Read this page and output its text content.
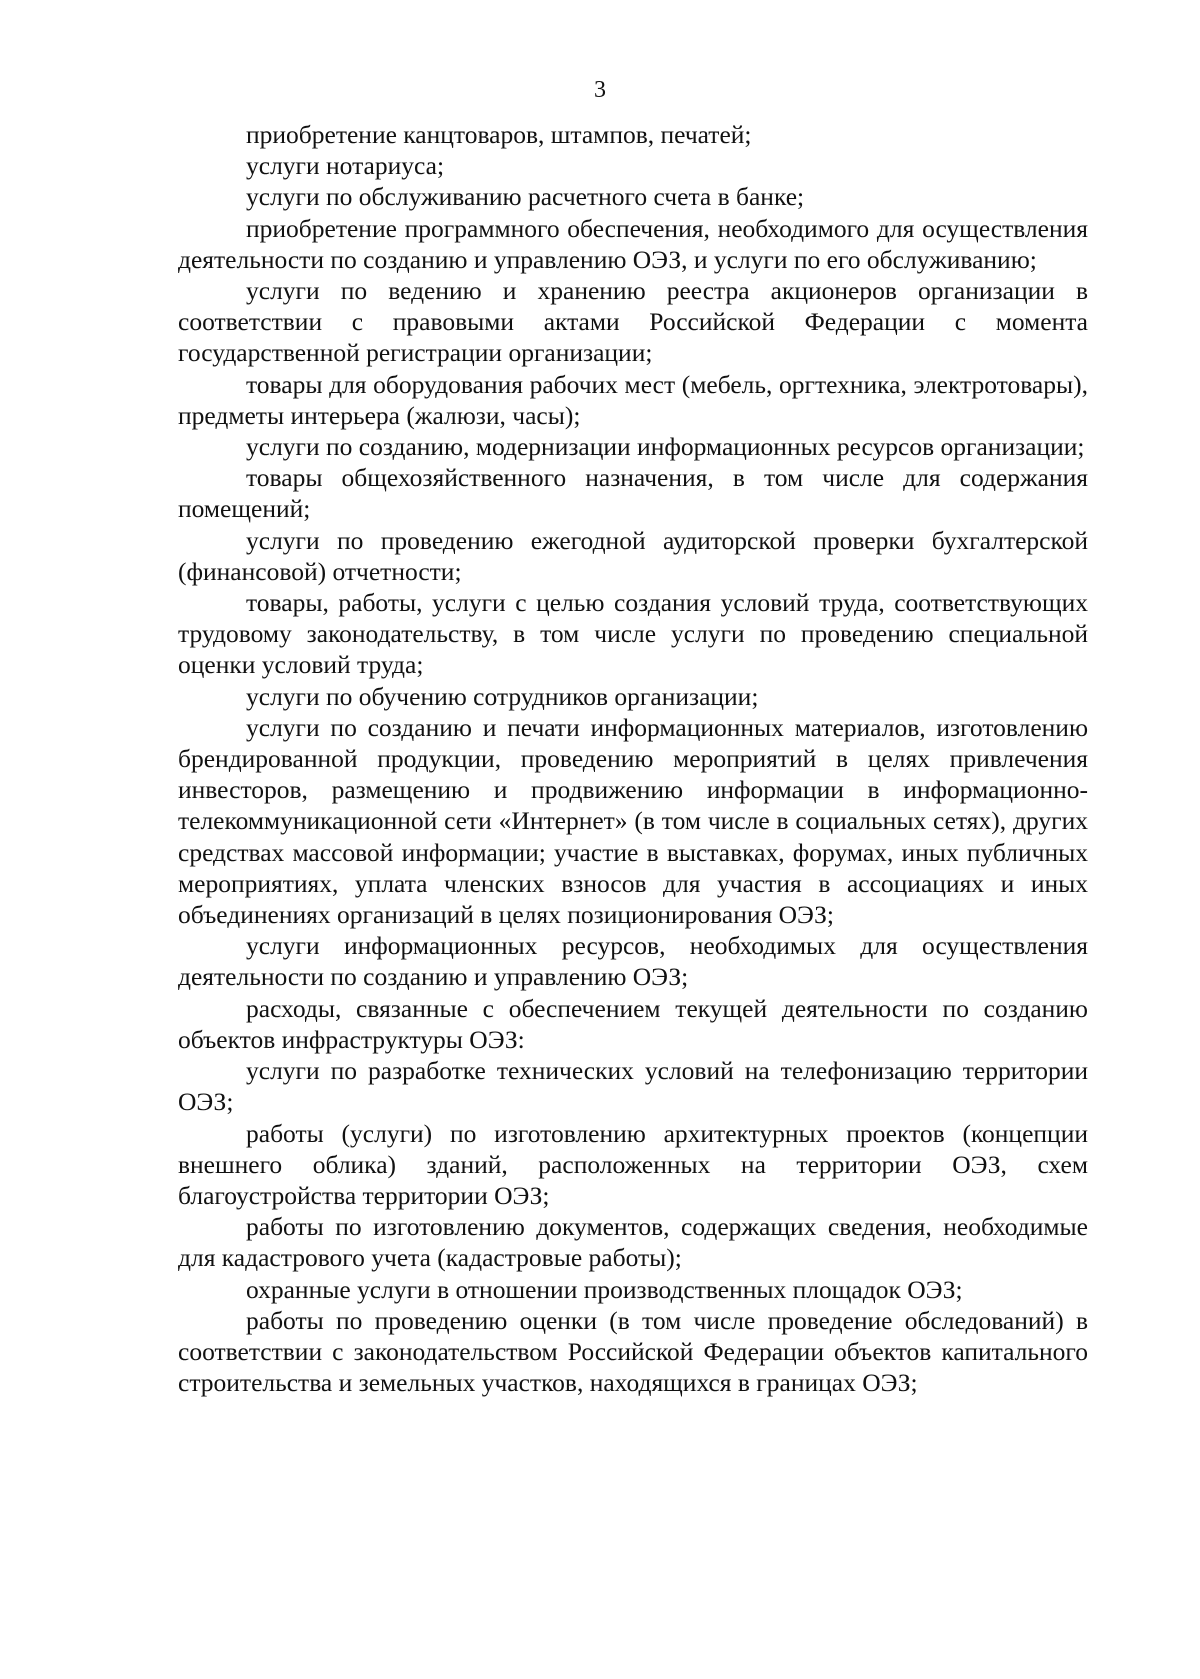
3

приобретение канцтоваров, штампов, печатей;

услуги нотариуса;

услуги по обслуживанию расчетного счета в банке;

приобретение программного обеспечения, необходимого для осуществления деятельности по созданию и управлению ОЭЗ, и услуги по его обслуживанию;

услуги по ведению и хранению реестра акционеров организации в соответствии с правовыми актами Российской Федерации с момента государственной регистрации организации;

товары для оборудования рабочих мест (мебель, оргтехника, электротовары), предметы интерьера (жалюзи, часы);

услуги по созданию, модернизации информационных ресурсов организации;

товары общехозяйственного назначения, в том числе для содержания помещений;

услуги по проведению ежегодной аудиторской проверки бухгалтерской (финансовой) отчетности;

товары, работы, услуги с целью создания условий труда, соответствующих трудовому законодательству, в том числе услуги по проведению специальной оценки условий труда;

услуги по обучению сотрудников организации;

услуги по созданию и печати информационных материалов, изготовлению брендированной продукции, проведению мероприятий в целях привлечения инвесторов, размещению и продвижению информации в информационно-телекоммуникационной сети «Интернет» (в том числе в социальных сетях), других средствах массовой информации; участие в выставках, форумах, иных публичных мероприятиях, уплата членских взносов для участия в ассоциациях и иных объединениях организаций в целях позиционирования ОЭЗ;

услуги информационных ресурсов, необходимых для осуществления деятельности по созданию и управлению ОЭЗ;

расходы, связанные с обеспечением текущей деятельности по созданию объектов инфраструктуры ОЭЗ:

услуги по разработке технических условий на телефонизацию территории ОЭЗ;

работы (услуги) по изготовлению архитектурных проектов (концепции внешнего облика) зданий, расположенных на территории ОЭЗ, схем благоустройства территории ОЭЗ;

работы по изготовлению документов, содержащих сведения, необходимые для кадастрового учета (кадастровые работы);

охранные услуги в отношении производственных площадок ОЭЗ;

работы по проведению оценки (в том числе проведение обследований) в соответствии с законодательством Российской Федерации объектов капитального строительства и земельных участков, находящихся в границах ОЭЗ;
